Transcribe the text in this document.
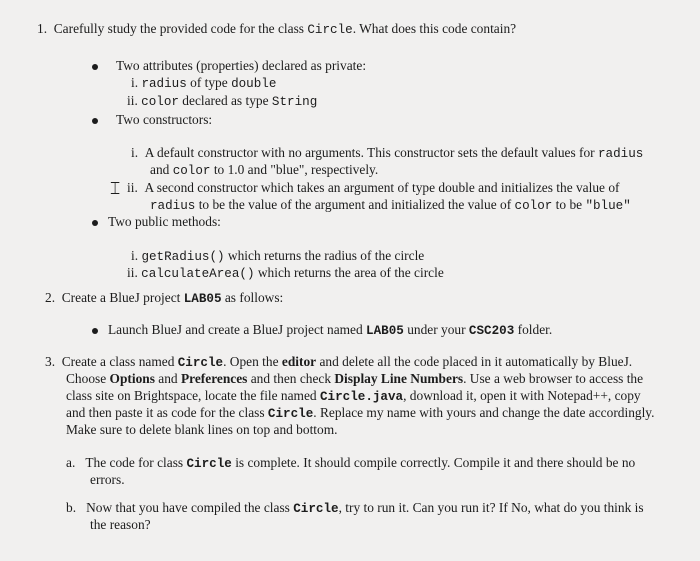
1. Carefully study the provided code for the class Circle. What does this code contain?
Two attributes (properties) declared as private:
i. radius of type double
ii. color declared as type String
Two constructors:
i. A default constructor with no arguments. This constructor sets the default values for radius
and color to 1.0 and "blue", respectively.
⌶ ii. A second constructor which takes an argument of type double and initializes the value of
radius to be the value of the argument and initialized the value of color to be "blue"
Two public methods:
i. getRadius() which returns the radius of the circle
ii. calculateArea() which returns the area of the circle
2. Create a BlueJ project LAB05 as follows:
Launch BlueJ and create a BlueJ project named LAB05 under your CSC203 folder.
3. Create a class named Circle. Open the editor and delete all the code placed in it automatically by BlueJ.
Choose Options and Preferences and then check Display Line Numbers. Use a web browser to access the
class site on Brightspace, locate the file named Circle.java, download it, open it with Notepad++, copy
and then paste it as code for the class Circle. Replace my name with yours and change the date accordingly.
Make sure to delete blank lines on top and bottom.
a. The code for class Circle is complete. It should compile correctly. Compile it and there should be no
errors.
b. Now that you have compiled the class Circle, try to run it. Can you run it? If No, what do you think is
the reason?
